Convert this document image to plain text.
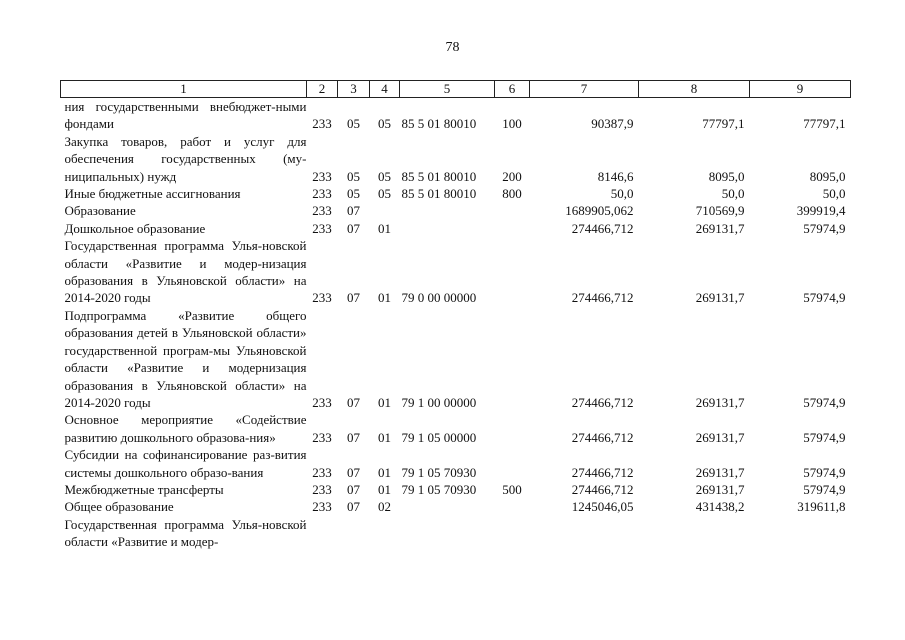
78
1	2	3	4	5	6	7	8	9
ния государственными внебюджет-ными фондами	233	05	05	85 5 01 80010	100	90387,9	77797,1	77797,1
Закупка товаров, работ и услуг для обеспечения государственных (му-ниципальных) нужд	233	05	05	85 5 01 80010	200	8146,6	8095,0	8095,0
Иные бюджетные ассигнования	233	05	05	85 5 01 80010	800	50,0	50,0	50,0
Образование	233	07				1689905,062	710569,9	399919,4
Дошкольное образование	233	07	01			274466,712	269131,7	57974,9
Государственная программа Улья-новской области «Развитие и модер-низация образования в Ульяновской области» на 2014-2020 годы	233	07	01	79 0 00 00000		274466,712	269131,7	57974,9
Подпрограмма «Развитие общего образования детей в Ульяновской области» государственной програм-мы Ульяновской области «Развитие и модернизация образования в Ульяновской области» на 2014-2020 годы	233	07	01	79 1 00 00000		274466,712	269131,7	57974,9
Основное мероприятие «Содействие развитию дошкольного образова-ния»	233	07	01	79 1 05 00000		274466,712	269131,7	57974,9
Субсидии на софинансирование раз-вития системы дошкольного образо-вания	233	07	01	79 1 05 70930		274466,712	269131,7	57974,9
Межбюджетные трансферты	233	07	01	79 1 05 70930	500	274466,712	269131,7	57974,9
Общее образование	233	07	02			1245046,05	431438,2	319611,8
Государственная программа Улья-новской области «Развитие и модер-								
